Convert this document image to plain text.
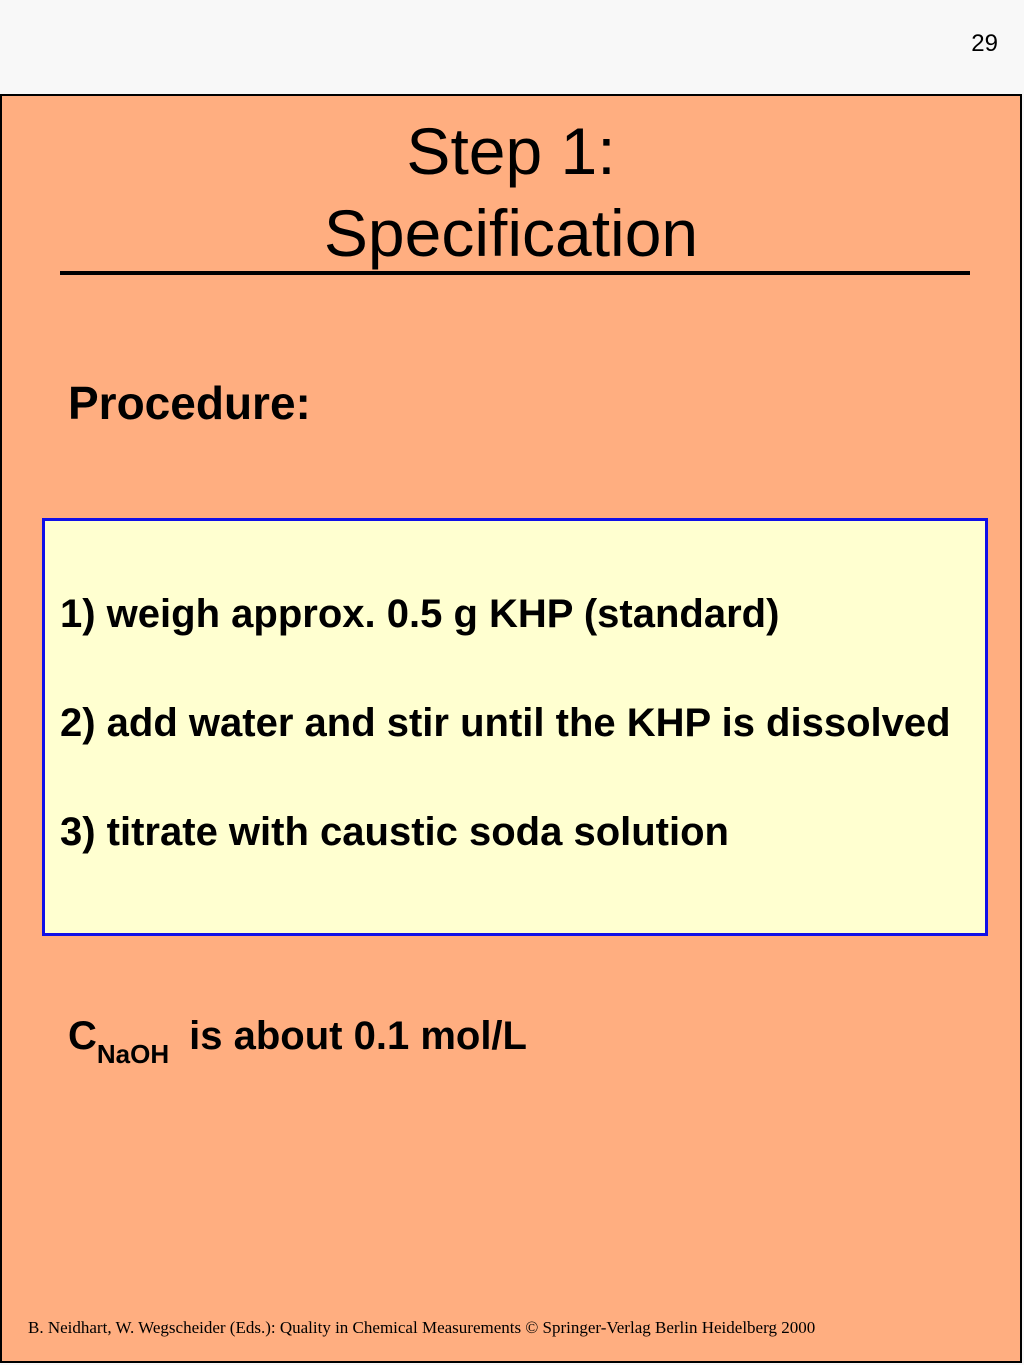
29
Step 1:
Specification
Procedure:
1) weigh approx. 0.5 g KHP (standard)
2) add water and stir until the KHP is dissolved
3) titrate with caustic soda solution
$C_{NaOH}$ is about 0.1 mol/L
B. Neidhart, W. Wegscheider (Eds.): Quality in Chemical Measurements © Springer-Verlag Berlin Heidelberg 2000
